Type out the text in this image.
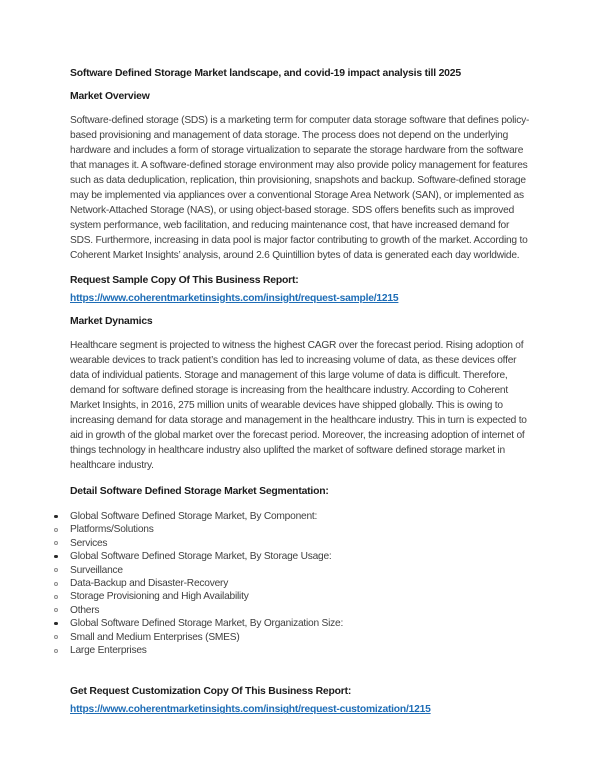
Software Defined Storage Market landscape, and covid-19 impact analysis till 2025
Market Overview

Software-defined storage (SDS) is a marketing term for computer data storage software that defines policy-based provisioning and management of data storage. The process does not depend on the underlying hardware and includes a form of storage virtualization to separate the storage hardware from the software that manages it. A software-defined storage environment may also provide policy management for features such as data deduplication, replication, thin provisioning, snapshots and backup. Software-defined storage may be implemented via appliances over a conventional Storage Area Network (SAN), or implemented as Network-Attached Storage (NAS), or using object-based storage. SDS offers benefits such as improved system performance, web facilitation, and reducing maintenance cost, that have increased demand for SDS. Furthermore, increasing in data pool is major factor contributing to growth of the market. According to Coherent Market Insights’ analysis, around 2.6 Quintillion bytes of data is generated each day worldwide.

Request Sample Copy Of This Business Report:
https://www.coherentmarketinsights.com/insight/request-sample/1215
Market Dynamics

Healthcare segment is projected to witness the highest CAGR over the forecast period. Rising adoption of wearable devices to track patient’s condition has led to increasing volume of data, as these devices offer data of individual patients. Storage and management of this large volume of data is difficult. Therefore, demand for software defined storage is increasing from the healthcare industry. According to Coherent Market Insights, in 2016, 275 million units of wearable devices have shipped globally. This is owing to increasing demand for data storage and management in the healthcare industry. This in turn is expected to aid in growth of the global market over the forecast period. Moreover, the increasing adoption of internet of things technology in healthcare industry also uplifted the market of software defined storage market in healthcare industry.

Detail Software Defined Storage Market Segmentation:
Global Software Defined Storage Market, By Component:
Platforms/Solutions
Services
Global Software Defined Storage Market, By Storage Usage:
Surveillance
Data-Backup and Disaster-Recovery
Storage Provisioning and High Availability
Others
Global Software Defined Storage Market, By Organization Size:
Small and Medium Enterprises (SMES)
Large Enterprises
Get Request Customization Copy Of This Business Report:
https://www.coherentmarketinsights.com/insight/request-customization/1215
